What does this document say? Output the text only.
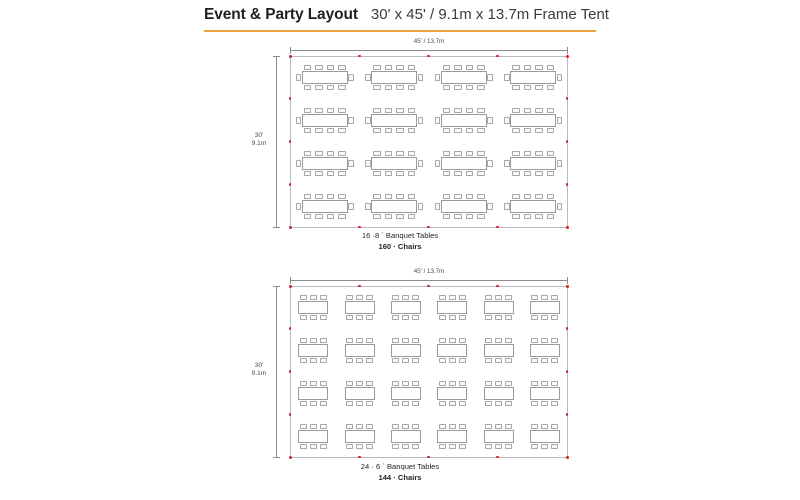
Event & Party Layout 30' x 45' / 9.1m x 13.7m Frame Tent
45' / 13.7m
30'
9.1m
16 ·8 ´ Banquet Tables
160 · Chairs
45' / 13.7m
30'
9.1m
24 · 6 ´ Banquet Tables
144 · Chairs
